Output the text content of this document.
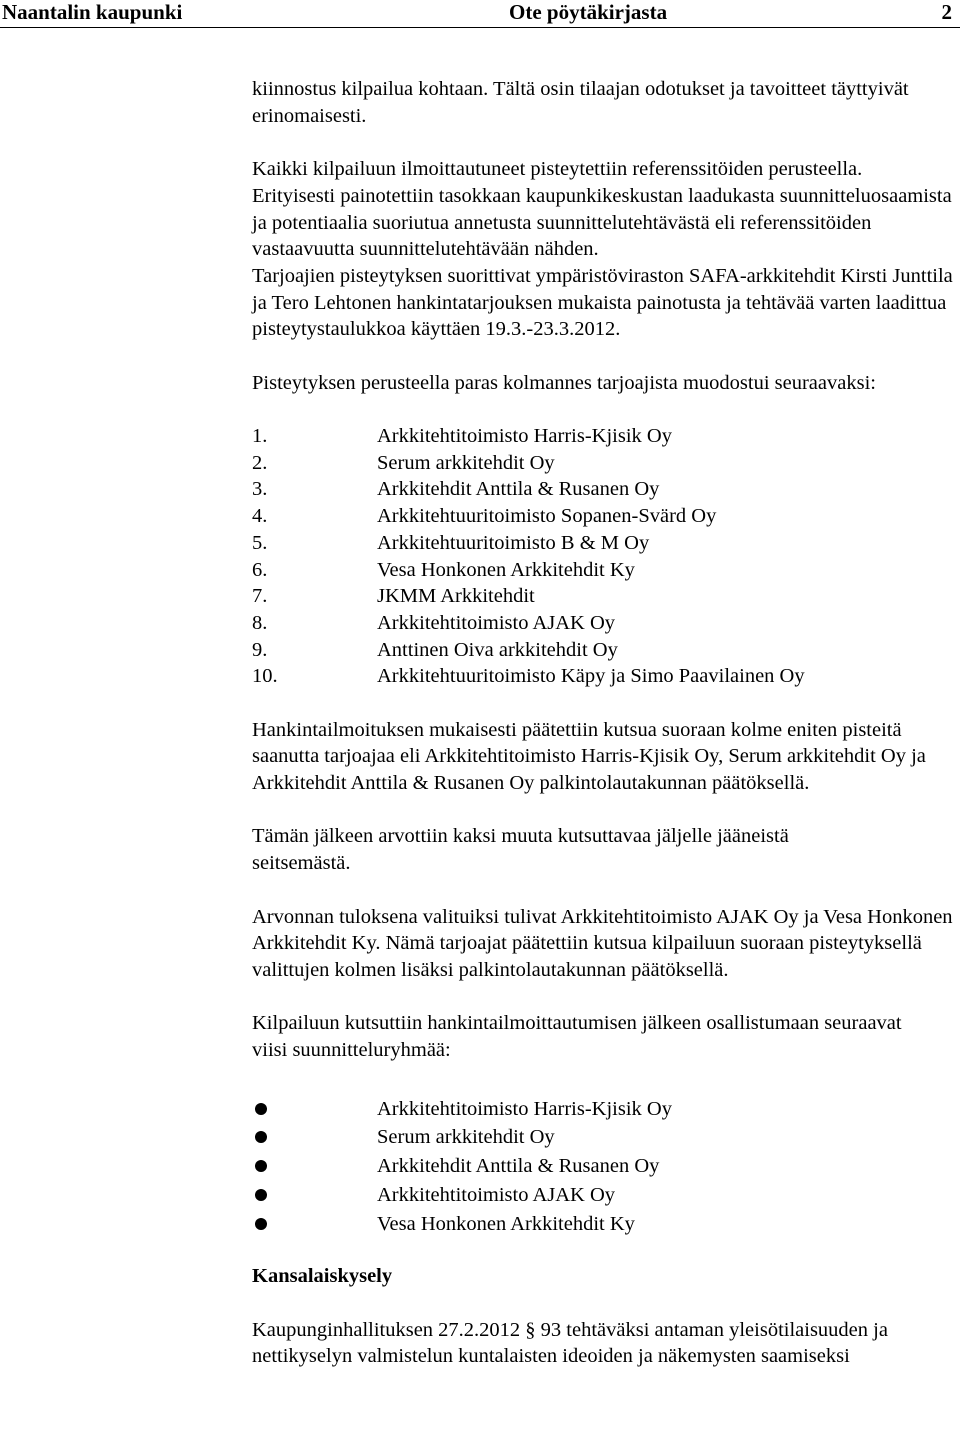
Naantalin kaupunki	Ote pöytäkirjasta	2

kiinnostus kilpailua kohtaan. Tältä osin tilaajan odotukset ja tavoitteet täyttyivät erinomaisesti.

Kaikki kilpailuun ilmoittautuneet pisteytettiin referenssitöiden perusteella.

Erityisesti painotettiin tasokkaan kaupunkikeskustan laadukasta suunnitteluosaamista ja potentiaalia suoriutua annetusta suunnittelutehtävästä eli referenssitöiden vastaavuutta suunnittelutehtävään nähden.

Tarjoajien pisteytyksen suorittivat ympäristöviraston SAFA-arkkitehdit Kirsti Junttila ja Tero Lehtonen hankintatarjouksen mukaista painotusta ja tehtävää varten laadittua pisteytystaulukkoa käyttäen 19.3.-23.3.2012.

Pisteytyksen perusteella paras kolmannes tarjoajista muodostui seuraavaksi:

1.	Arkkitehtitoimisto Harris-Kjisik Oy
2.	Serum arkkitehdit Oy
3.	Arkkitehdit Anttila & Rusanen Oy
4.	Arkkitehtuuritoimisto Sopanen-Svärd Oy
5.	Arkkitehtuuritoimisto B & M Oy
6.	Vesa Honkonen Arkkitehdit Ky
7.	JKMM Arkkitehdit
8.	Arkkitehtitoimisto AJAK Oy
9.	Anttinen Oiva arkkitehdit Oy
10.	Arkkitehtuuritoimisto Käpy ja Simo Paavilainen Oy

Hankintailmoituksen mukaisesti päätettiin kutsua suoraan kolme eniten pisteitä saanutta tarjoajaa eli Arkkitehtitoimisto Harris-Kjisik Oy, Serum arkkitehdit Oy ja Arkkitehdit Anttila & Rusanen Oy palkintolautakunnan päätöksellä.

Tämän jälkeen arvottiin kaksi muuta kutsuttavaa jäljelle jääneistä seitsemästä.

Arvonnan tuloksena valituiksi tulivat Arkkitehtitoimisto AJAK Oy ja Vesa Honkonen Arkkitehdit Ky. Nämä tarjoajat päätettiin kutsua kilpailuun suoraan pisteytyksellä valittujen kolmen lisäksi palkintolautakunnan päätöksellä.

Kilpailuun kutsuttiin hankintailmoittautumisen jälkeen osallistumaan seuraavat viisi suunnitteluryhmää:

Arkkitehtitoimisto Harris-Kjisik Oy
Serum arkkitehdit Oy
Arkkitehdit Anttila & Rusanen Oy
Arkkitehtitoimisto AJAK Oy
Vesa Honkonen Arkkitehdit Ky

Kansalaiskysely

Kaupunginhallituksen 27.2.2012 § 93 tehtäväksi antaman yleisötilaisuuden ja nettikyselyn valmistelun kuntalaisten ideoiden ja näkemysten saamiseksi
